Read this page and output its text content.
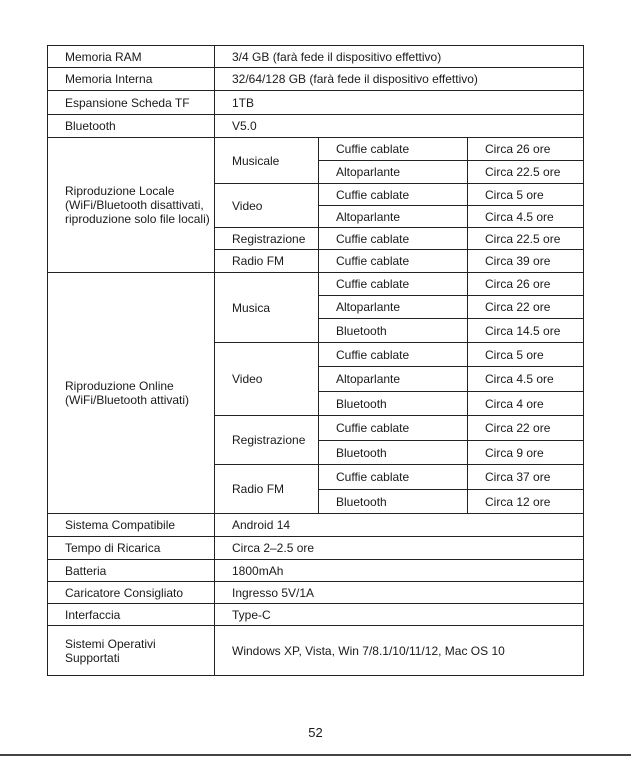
Memoria RAM	3/4 GB (farà fede il dispositivo effettivo)		
Memoria Interna	32/64/128 GB (farà fede il dispositivo effettivo)		
Espansione Scheda TF	1TB		
Bluetooth	V5.0		
Riproduzione Locale (WiFi/Bluetooth disattivati, riproduzione solo file locali)	Musicale	Cuffie cablate	Circa 26 ore
		Altoparlante	Circa 22.5 ore
	Video	Cuffie cablate	Circa 5 ore
		Altoparlante	Circa 4.5 ore
	Registrazione	Cuffie cablate	Circa 22.5 ore
	Radio FM	Cuffie cablate	Circa 39 ore
Riproduzione Online (WiFi/Bluetooth attivati)	Musica	Cuffie cablate	Circa 26 ore
		Altoparlante	Circa 22 ore
		Bluetooth	Circa 14.5 ore
	Video	Cuffie cablate	Circa 5 ore
		Altoparlante	Circa 4.5 ore
		Bluetooth	Circa 4 ore
	Registrazione	Cuffie cablate	Circa 22 ore
		Bluetooth	Circa 9 ore
	Radio FM	Cuffie cablate	Circa 37 ore
		Bluetooth	Circa 12 ore
Sistema Compatibile	Android 14		
Tempo di Ricarica	Circa 2–2.5 ore		
Batteria	1800mAh		
Caricatore Consigliato	Ingresso 5V/1A		
Interfaccia	Type-C		
Sistemi Operativi
Supportati	Windows XP, Vista, Win 7/8.1/10/11/12, Mac OS 10		
52
